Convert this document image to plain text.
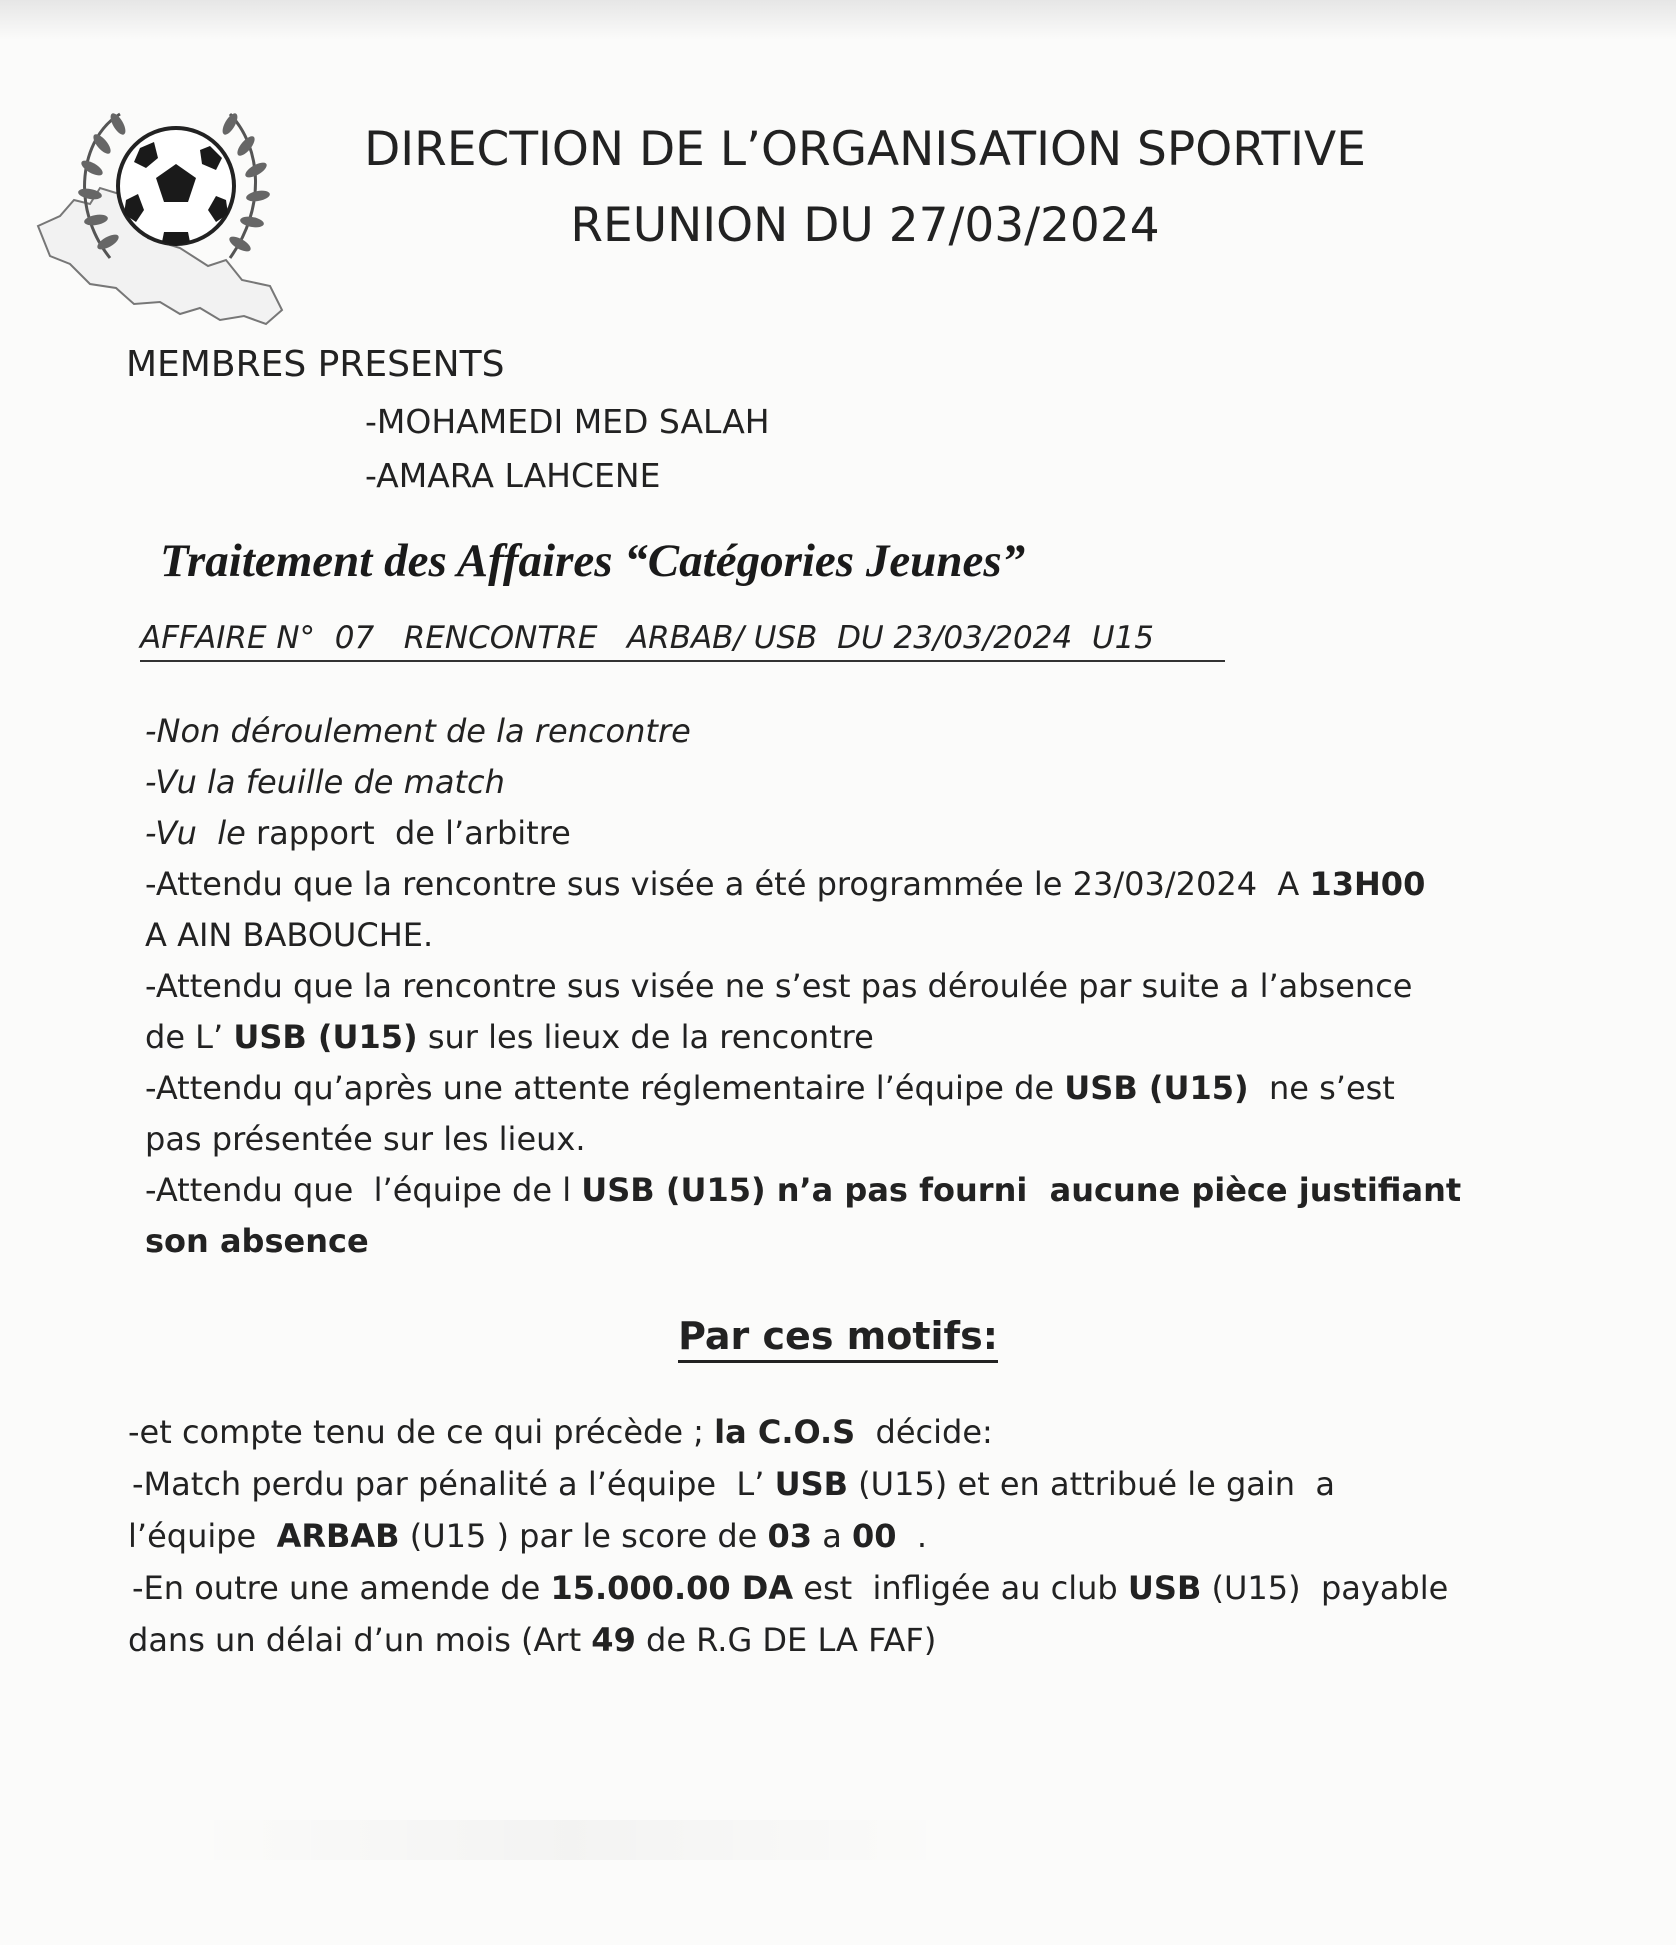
DIRECTION DE L’ORGANISATION SPORTIVE
REUNION DU 27/03/2024
MEMBRES PRESENTS
-MOHAMEDI MED SALAH
-AMARA LAHCENE
Traitement des Affaires “Catégories Jeunes”
AFFAIRE N°  07   RENCONTRE   ARBAB/ USB  DU 23/03/2024  U15
-Non déroulement de la rencontre
-Vu la feuille de match
-Vu  le rapport  de l’arbitre
-Attendu que la rencontre sus visée a été programmée le 23/03/2024  A 13H00
A AIN BABOUCHE.
-Attendu que la rencontre sus visée ne s’est pas déroulée par suite a l’absence
de L’ USB (U15) sur les lieux de la rencontre
-Attendu qu’après une attente réglementaire l’équipe de USB (U15)  ne s’est
pas présentée sur les lieux.
-Attendu que  l’équipe de l USB (U15) n’a pas fourni  aucune pièce justifiant
son absence
Par ces motifs:
-et compte tenu de ce qui précède ; la C.O.S  décide:
-Match perdu par pénalité a l’équipe  L’ USB (U15) et en attribué le gain  a
l’équipe  ARBAB (U15 ) par le score de 03 a 00  .
-En outre une amende de 15.000.00 DA est  infligée au club USB (U15)  payable
dans un délai d’un mois (Art 49 de R.G DE LA FAF)
